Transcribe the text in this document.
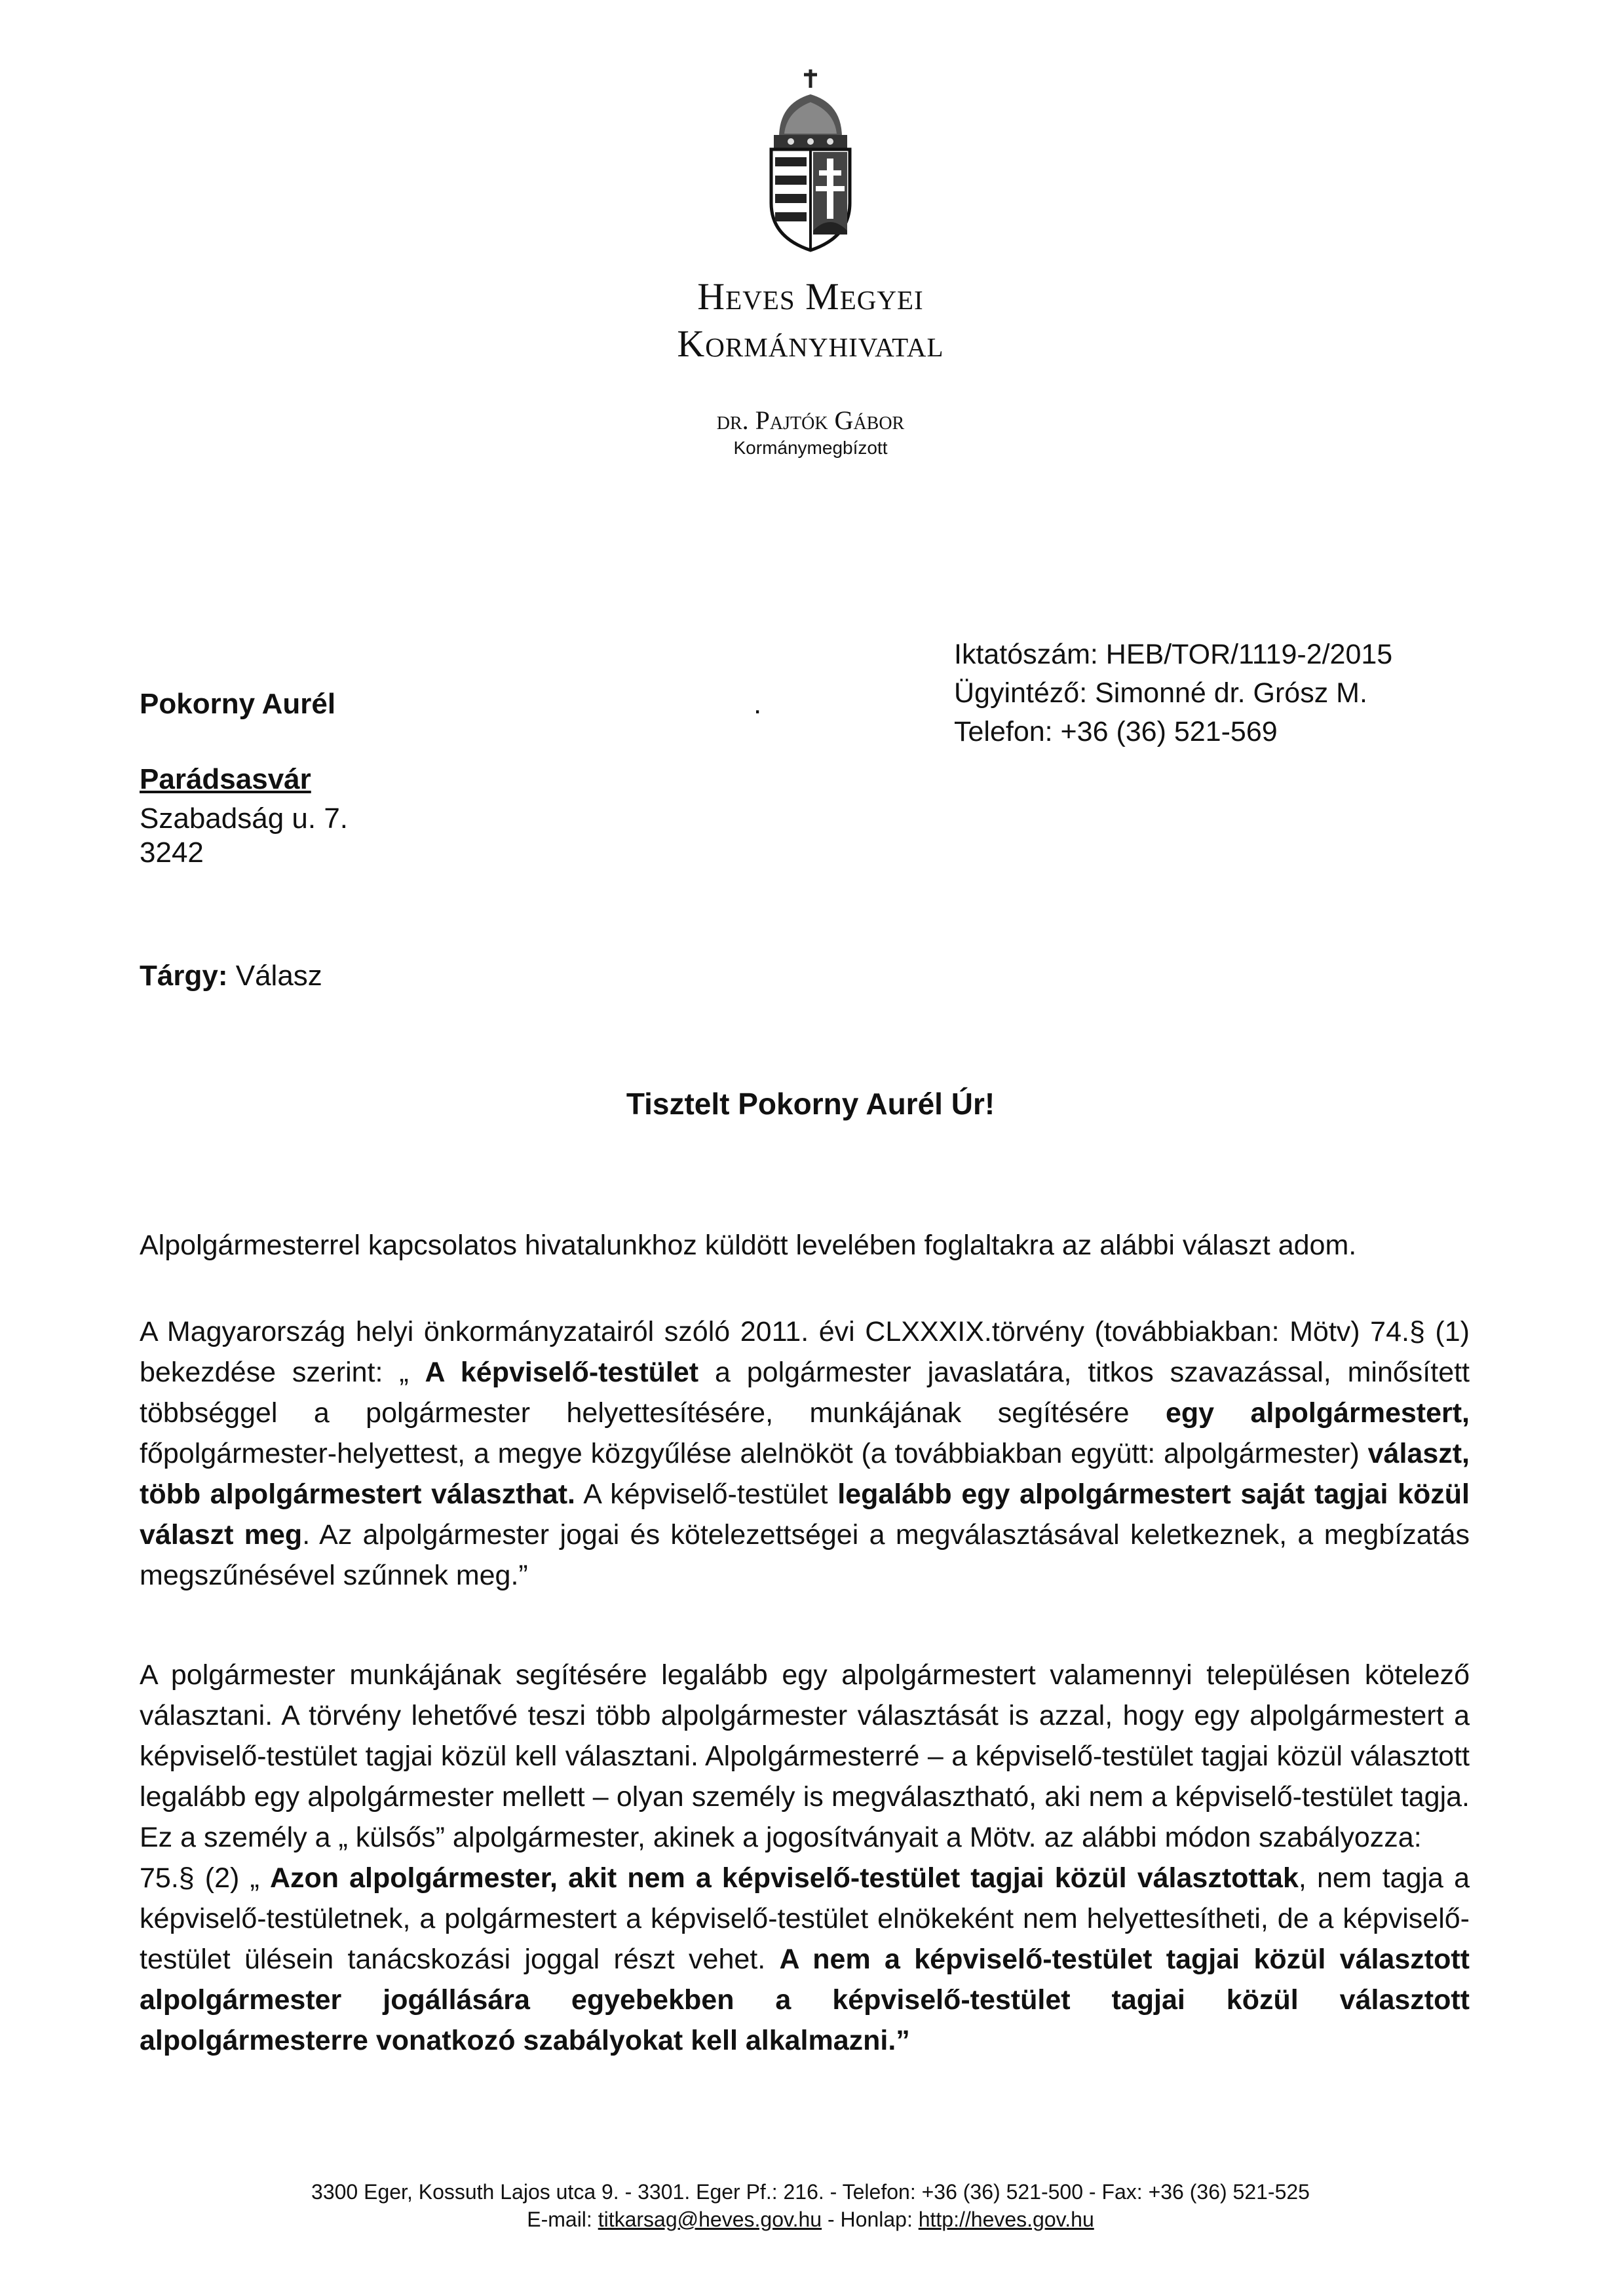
Heves Megyei
Kormányhivatal
dr. Pajtók Gábor
Kormánymegbízott
Pokorny Aurél
Parádsasvár
Szabadság u. 7.
3242
.
Iktatószám: HEB/TOR/1119-2/2015
Ügyintéző: Simonné dr. Grósz M.
Telefon: +36 (36) 521-569
Tárgy: Válasz
Tisztelt Pokorny Aurél Úr!

Alpolgármesterrel kapcsolatos hivatalunkhoz küldött levelében foglaltakra az alábbi választ adom.

A Magyarország helyi önkormányzatairól szóló 2011. évi CLXXXIX.törvény (továbbiakban: Mötv) 74.§ (1) bekezdése szerint: „ A képviselő-testület a polgármester javaslatára, titkos szavazással, minősített többséggel a polgármester helyettesítésére, munkájának segítésére egy alpolgármestert, főpolgármester-helyettest, a megye közgyűlése alelnököt (a továbbiakban együtt: alpolgármester) választ, több alpolgármestert választhat. A képviselő-testület legalább egy alpolgármestert saját tagjai közül választ meg. Az alpolgármester jogai és kötelezettségei a megválasztásával keletkeznek, a megbízatás megszűnésével szűnnek meg.”

A polgármester munkájának segítésére legalább egy alpolgármestert valamennyi településen kötelező választani. A törvény lehetővé teszi több alpolgármester választását is azzal, hogy egy alpolgármestert a képviselő-testület tagjai közül kell választani. Alpolgármesterré – a képviselő-testület tagjai közül választott legalább egy alpolgármester mellett – olyan személy is megválasztható, aki nem a képviselő-testület tagja. Ez a személy a „ külsős” alpolgármester, akinek a jogosítványait a Mötv. az alábbi módon szabályozza:

75.§ (2) „ Azon alpolgármester, akit nem a képviselő-testület tagjai közül választottak, nem tagja a képviselő-testületnek, a polgármestert a képviselő-testület elnökeként nem helyettesítheti, de a képviselő-testület ülésein tanácskozási joggal részt vehet. A nem a képviselő-testület tagjai közül választott alpolgármester jogállására egyebekben a képviselő-testület tagjai közül választott alpolgármesterre vonatkozó szabályokat kell alkalmazni.”

3300 Eger, Kossuth Lajos utca 9. - 3301. Eger Pf.: 216. - Telefon: +36 (36) 521-500 - Fax: +36 (36) 521-525
E-mail: titkarsag@heves.gov.hu - Honlap: http://heves.gov.hu
